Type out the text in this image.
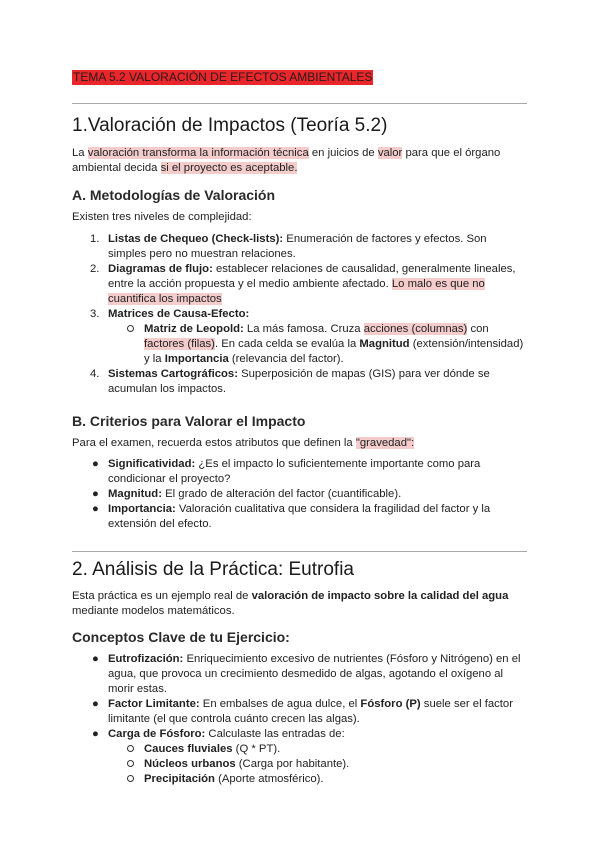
TEMA 5.2 VALORACIÓN DE EFECTOS AMBIENTALES
1.Valoración de Impactos (Teoría 5.2)

La valoración transforma la información técnica en juicios de valor para que el órgano ambiental decida si el proyecto es aceptable.

A. Metodologías de Valoración

Existen tres niveles de complejidad:

1. Listas de Chequeo (Check-lists): Enumeración de factores y efectos. Son simples pero no muestran relaciones.
2. Diagramas de flujo: establecer relaciones de causalidad, generalmente lineales, entre la acción propuesta y el medio ambiente afectado. Lo malo es que no cuantifica los impactos
3. Matrices de Causa-Efecto:
Matriz de Leopold: La más famosa. Cruza acciones (columnas) con factores (filas). En cada celda se evalúa la Magnitud (extensión/intensidad) y la Importancia (relevancia del factor).
4. Sistemas Cartográficos: Superposición de mapas (GIS) para ver dónde se acumulan los impactos.
B. Criterios para Valorar el Impacto

Para el examen, recuerda estos atributos que definen la "gravedad":

● Significatividad: ¿Es el impacto lo suficientemente importante como para condicionar el proyecto?
● Magnitud: El grado de alteración del factor (cuantificable).
● Importancia: Valoración cualitativa que considera la fragilidad del factor y la extensión del efecto.
2. Análisis de la Práctica: Eutrofia

Esta práctica es un ejemplo real de valoración de impacto sobre la calidad del agua mediante modelos matemáticos.

Conceptos Clave de tu Ejercicio:
● Eutrofización: Enriquecimiento excesivo de nutrientes (Fósforo y Nitrógeno) en el agua, que provoca un crecimiento desmedido de algas, agotando el oxígeno al morir estas.
● Factor Limitante: En embalses de agua dulce, el Fósforo (P) suele ser el factor limitante (el que controla cuánto crecen las algas).
● Carga de Fósforo: Calculaste las entradas de:
Cauces fluviales (Q * PT).
Núcleos urbanos (Carga por habitante).
Precipitación (Aporte atmosférico).
